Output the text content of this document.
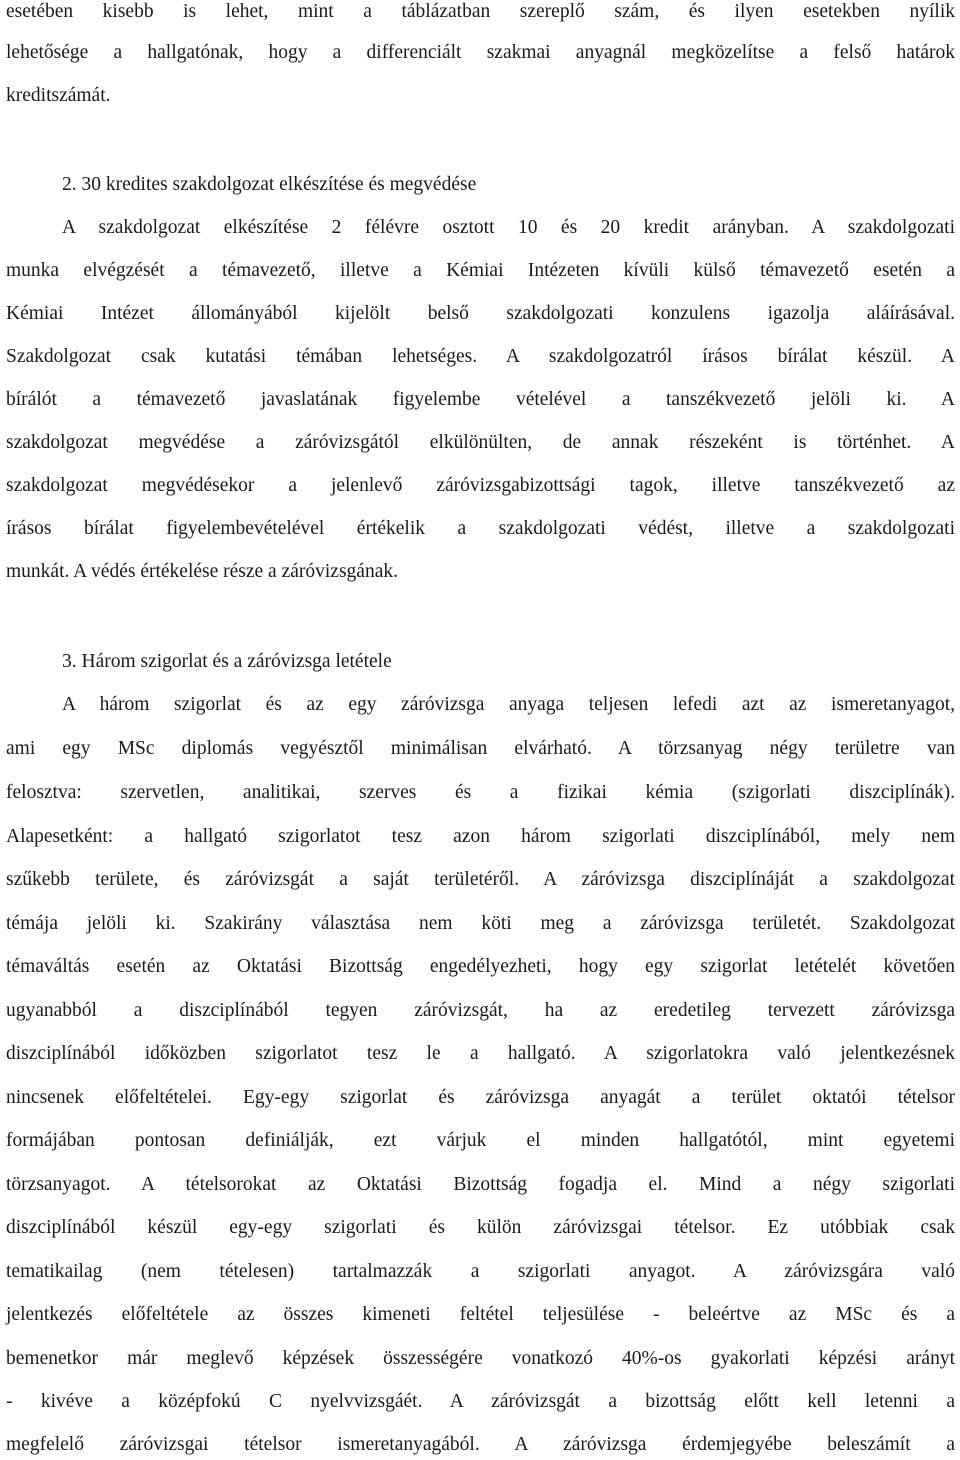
esetében kisebb is lehet, mint a táblázatban szereplő szám, és ilyen esetekben nyílik
lehetősége a hallgatónak, hogy a differenciált szakmai anyagnál megközelítse a felső határok
kreditszámát.
2. 30 kredites szakdolgozat elkészítése és megvédése
A szakdolgozat elkészítése 2 félévre osztott 10 és 20 kredit arányban. A szakdolgozati
munka elvégzését a témavezető, illetve a Kémiai Intézeten kívüli külső témavezető esetén a
Kémiai Intézet állományából kijelölt belső szakdolgozati konzulens igazolja aláírásával.
Szakdolgozat csak kutatási témában lehetséges. A szakdolgozatról írásos bírálat készül. A
bírálót a témavezető javaslatának figyelembe vételével a tanszékvezető jelöli ki. A
szakdolgozat megvédése a záróvizsgától elkülönülten, de annak részeként is történhet. A
szakdolgozat megvédésekor a jelenlevő záróvizsgabizottsági tagok, illetve tanszékvezető az
írásos bírálat figyelembevételével értékelik a szakdolgozati védést, illetve a szakdolgozati
munkát. A védés értékelése része a záróvizsgának.
3. Három szigorlat és a záróvizsga letétele
A három szigorlat és az egy záróvizsga anyaga teljesen lefedi azt az ismeretanyagot,
ami egy MSc diplomás vegyésztől minimálisan elvárható. A törzsanyag négy területre van
felosztva: szervetlen, analitikai, szerves és a fizikai kémia (szigorlati diszciplínák).
Alapesetként: a hallgató szigorlatot tesz azon három szigorlati diszciplínából, mely nem
szűkebb területe, és záróvizsgát a saját területéről. A záróvizsga diszciplínáját a szakdolgozat
témája jelöli ki. Szakirány választása nem köti meg a záróvizsga területét. Szakdolgozat
témaváltás esetén az Oktatási Bizottság engedélyezheti, hogy egy szigorlat letételét követően
ugyanabból a diszciplínából tegyen záróvizsgát, ha az eredetileg tervezett záróvizsga
diszciplínából időközben szigorlatot tesz le a hallgató. A szigorlatokra való jelentkezésnek
nincsenek előfeltételei. Egy-egy szigorlat és záróvizsga anyagát a terület oktatói tételsor
formájában pontosan definiálják, ezt várjuk el minden hallgatótól, mint egyetemi
törzsanyagot. A tételsorokat az Oktatási Bizottság fogadja el. Mind a négy szigorlati
diszciplínából készül egy-egy szigorlati és külön záróvizsgai tételsor. Ez utóbbiak csak
tematikailag (nem tételesen) tartalmazzák a szigorlati anyagot. A záróvizsgára való
jelentkezés előfeltétele az összes kimeneti feltétel teljesülése - beleértve az MSc és a
bemenetkor már meglevő képzések összességére vonatkozó 40%-os gyakorlati képzési arányt
- kivéve a középfokú C nyelvvizsgáét. A záróvizsgát a bizottság előtt kell letenni a
megfelelő záróvizsgai tételsor ismeretanyagából. A záróvizsga érdemjegyébe beleszámít a
